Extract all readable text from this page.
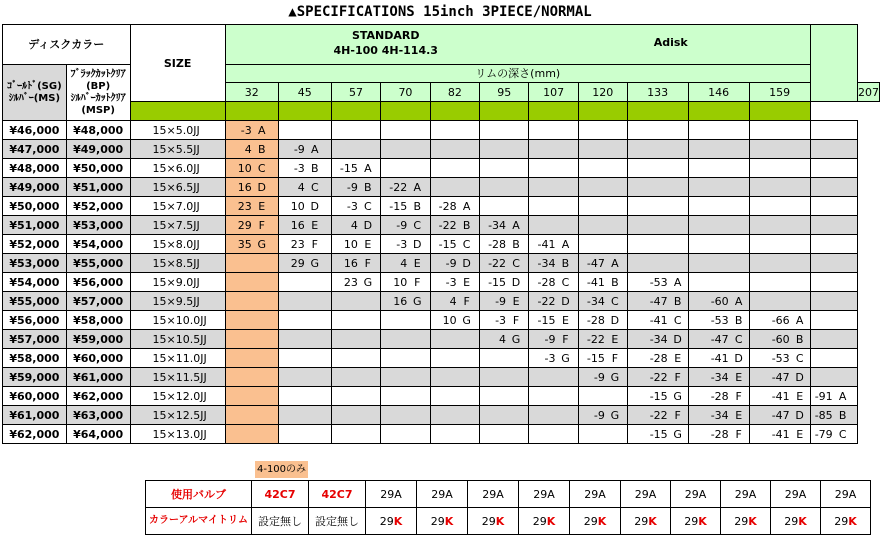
▲SPECIFICATIONS 15inch 3PIECE/NORMAL
ディスクカラー		SIZE	STANDARD
4H-100 4H-114.3
Adisk												

ｺﾞｰﾙﾄﾞ(SG)
ｼﾙﾊﾞｰ(MS)	ﾌﾞﾗｯｸｶｯﾄｸﾘｱ(BP)
ｼﾙﾊﾞｰｶｯﾄｸﾘｱ(MSP)		リムの深さ(mm)												
			32	45	57	70	82	95	107	120	133	146	159		207

¥46,000	¥48,000	15×5.0JJ	-3 A												
¥47,000	¥49,000	15×5.5JJ	4 B	-9 A											
¥48,000	¥50,000	15×6.0JJ	10 C	-3 B	-15 A										
¥49,000	¥51,000	15×6.5JJ	16 D	4 C	-9 B	-22 A									
¥50,000	¥52,000	15×7.0JJ	23 E	10 D	-3 C	-15 B	-28 A								
¥51,000	¥53,000	15×7.5JJ	29 F	16 E	4 D	-9 C	-22 B	-34 A							
¥52,000	¥54,000	15×8.0JJ	35 G	23 F	10 E	-3 D	-15 C	-28 B	-41 A						
¥53,000	¥55,000	15×8.5JJ		29 G	16 F	4 E	-9 D	-22 C	-34 B	-47 A					
¥54,000	¥56,000	15×9.0JJ			23 G	10 F	-3 E	-15 D	-28 C	-41 B	-53 A				
¥55,000	¥57,000	15×9.5JJ				16 G	4 F	-9 E	-22 D	-34 C	-47 B	-60 A			
¥56,000	¥58,000	15×10.0JJ					10 G	-3 F	-15 E	-28 D	-41 C	-53 B	-66 A		
¥57,000	¥59,000	15×10.5JJ						4 G	-9 F	-22 E	-34 D	-47 C	-60 B		
¥58,000	¥60,000	15×11.0JJ							-3 G	-15 F	-28 E	-41 D	-53 C		
¥59,000	¥61,000	15×11.5JJ								-9 G	-22 F	-34 E	-47 D		
¥60,000	¥62,000	15×12.0JJ									-15 G	-28 F	-41 E	-91 A	
¥61,000	¥63,000	15×12.5JJ								-9 G	-22 F	-34 E	-47 D	-85 B	
¥62,000	¥64,000	15×13.0JJ									-15 G	-28 F	-41 E	-79 C	
4-100のみ
使用バルブ	42C7	42C7	29A	29A	29A	29A	29A	29A	29A	29A	29A	29A
カラーアルマイトリム	設定無し	設定無し	29K	29K	29K	29K	29K	29K	29K	29K	29K	29K
